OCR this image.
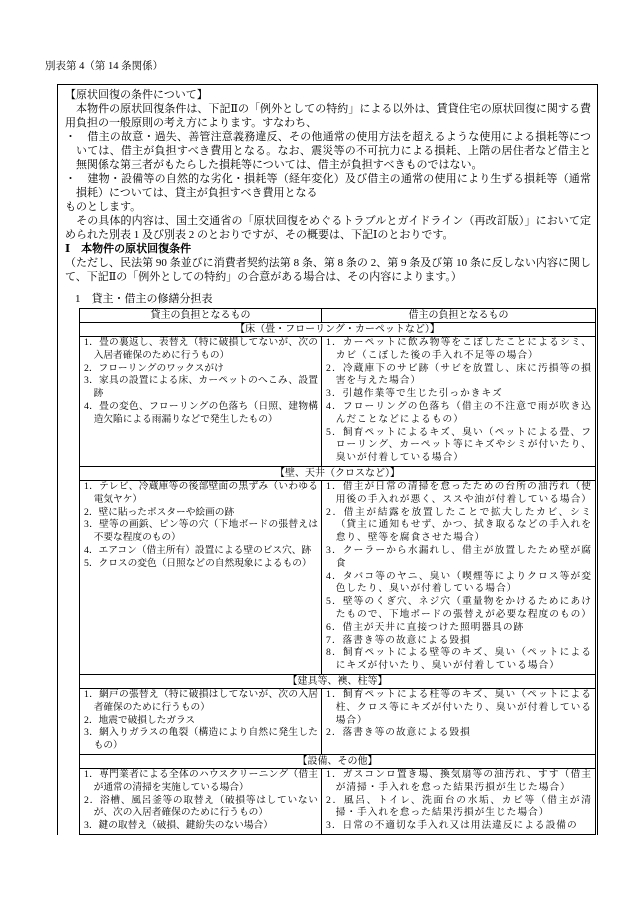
別表第 4（第 14 条関係）

【原状回復の条件について】

　本物件の原状回復条件は、下記Ⅱの「例外としての特約」による以外は、賃貸住宅の原状回復に関する費用負担の一般原則の考え方によります。すなわち、

・　借主の故意・過失、善管注意義務違反、その他通常の使用方法を超えるような使用による損耗等については、借主が負担すべき費用となる。なお、震災等の不可抗力による損耗、上階の居住者など借主と無関係な第三者がもたらした損耗等については、借主が負担すべきものではない。

・　建物・設備等の自然的な劣化・損耗等（経年変化）及び借主の通常の使用により生ずる損耗等（通常損耗）については、貸主が負担すべき費用となる

ものとします。

　その具体的内容は、国土交通省の「原状回復をめぐるトラブルとガイドライン（再改訂版）」において定められた別表 1 及び別表 2 のとおりですが、その概要は、下記Ⅰのとおりです。

Ⅰ　本物件の原状回復条件

（ただし、民法第 90 条並びに消費者契約法第 8 条、第 8 条の 2、第 9 条及び第 10 条に反しない内容に関して、下記Ⅱの「例外としての特約」の合意がある場合は、その内容によります。）

1　貸主・借主の修繕分担表

貸主の負担となるもの	借主の負担となるもの
【床（畳・フローリング・カーペットなど）】	

1．畳の裏返し、表替え（特に破損してないが、次の入居者確保のために行うもの）
2．フローリングのワックスがけ
3．家具の設置による床、カーペットのへこみ、設置跡
4．畳の変色、フローリングの色落ち（日照、建物構造欠陥による雨漏りなどで発生したもの）

1．カーペットに飲み物等をこぼしたことによるシミ、カビ（こぼした後の手入れ不足等の場合）
2．冷蔵庫下のサビ跡（サビを放置し、床に汚損等の損害を与えた場合）
3．引越作業等で生じた引っかきキズ
4．フローリングの色落ち（借主の不注意で雨が吹き込んだことなどによるもの）
5．飼育ペットによるキズ、臭い（ペットによる畳、フローリング、カーペット等にキズやシミが付いたり、臭いが付着している場合）

【壁、天井（クロスなど）】	

1．テレビ、冷蔵庫等の後部壁面の黒ずみ（いわゆる電気ヤケ）
2．壁に貼ったポスターや絵画の跡
3．壁等の画鋲、ピン等の穴（下地ボードの張替えは不要な程度のもの）
4．エアコン（借主所有）設置による壁のビス穴、跡
5．クロスの変色（日照などの自然現象によるもの）

1．借主が日常の清掃を怠ったための台所の油汚れ（使用後の手入れが悪く、ススや油が付着している場合）
2．借主が結露を放置したことで拡大したカビ、シミ（貸主に通知もせず、かつ、拭き取るなどの手入れを怠り、壁等を腐食させた場合）
3．クーラーから水漏れし、借主が放置したため壁が腐食
4．タバコ等のヤニ、臭い（喫煙等によりクロス等が変色したり、臭いが付着している場合）
5．壁等のくぎ穴、ネジ穴（重量物をかけるためにあけたもので、下地ボードの張替えが必要な程度のもの）
6．借主が天井に直接つけた照明器具の跡
7．落書き等の故意による毀損
8．飼育ペットによる壁等のキズ、臭い（ペットによるにキズが付いたり、臭いが付着している場合）

【建具等、襖、柱等】	

1．網戸の張替え（特に破損はしてないが、次の入居者確保のために行うもの）
2．地震で破損したガラス
3．網入りガラスの亀裂（構造により自然に発生したもの）

1．飼育ペットによる柱等のキズ、臭い（ペットによる柱、クロス等にキズが付いたり、臭いが付着している場合）
2．落書き等の故意による毀損

【設備、その他】	

1．専門業者による全体のハウスクリーニング（借主が通常の清掃を実施している場合）
2．浴槽、風呂釜等の取替え（破損等はしていないが、次の入居者確保のために行うもの）
3．鍵の取替え（破損、鍵紛失のない場合）

1．ガスコンロ置き場、換気扇等の油汚れ、すす（借主が清掃・手入れを怠った結果汚損が生じた場合）
2．風呂、トイレ、洗面台の水垢、カビ等（借主が清掃・手入れを怠った結果汚損が生じた場合）
3．日常の不適切な手入れ又は用法違反による設備の
